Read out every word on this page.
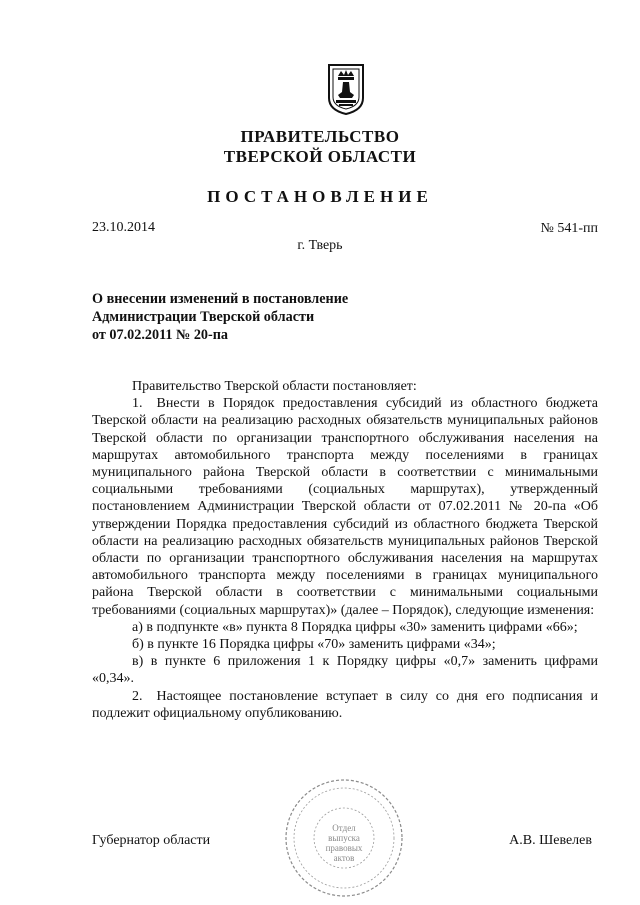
ПРАВИТЕЛЬСТВО
ТВЕРСКОЙ ОБЛАСТИ
ПОСТАНОВЛЕНИЕ
23.10.2014	№ 541-пп
г. Тверь
О внесении изменений в постановление
Администрации Тверской области
от 07.02.2011 № 20-па

Правительство Тверской области постановляет:

1. Внести в Порядок предоставления субсидий из областного бюджета Тверской области на реализацию расходных обязательств муниципальных районов Тверской области по организации транспортного обслуживания населения на маршрутах автомобильного транспорта между поселениями в границах муниципального района Тверской области в соответствии с минимальными социальными требованиями (социальных маршрутах), утвержденный постановлением Администрации Тверской области от 07.02.2011 № 20-па «Об утверждении Порядка предоставления субсидий из областного бюджета Тверской области на реализацию расходных обязательств муниципальных районов Тверской области по организации транспортного обслуживания населения на маршрутах автомобильного транспорта между поселениями в границах муниципального района Тверской области в соответствии с минимальными социальными требованиями (социальных маршрутах)» (далее – Порядок), следующие изменения:

а) в подпункте «в» пункта 8 Порядка цифры «30» заменить цифрами «66»;

б) в пункте 16 Порядка цифры «70» заменить цифрами «34»;

в) в пункте 6 приложения 1 к Порядку цифры «0,7» заменить цифрами «0,34».

2. Настоящее постановление вступает в силу со дня его подписания и подлежит официальному опубликованию.

Отдел
выпуска
правовых
актов
Губернатор области	А.В. Шевелев
